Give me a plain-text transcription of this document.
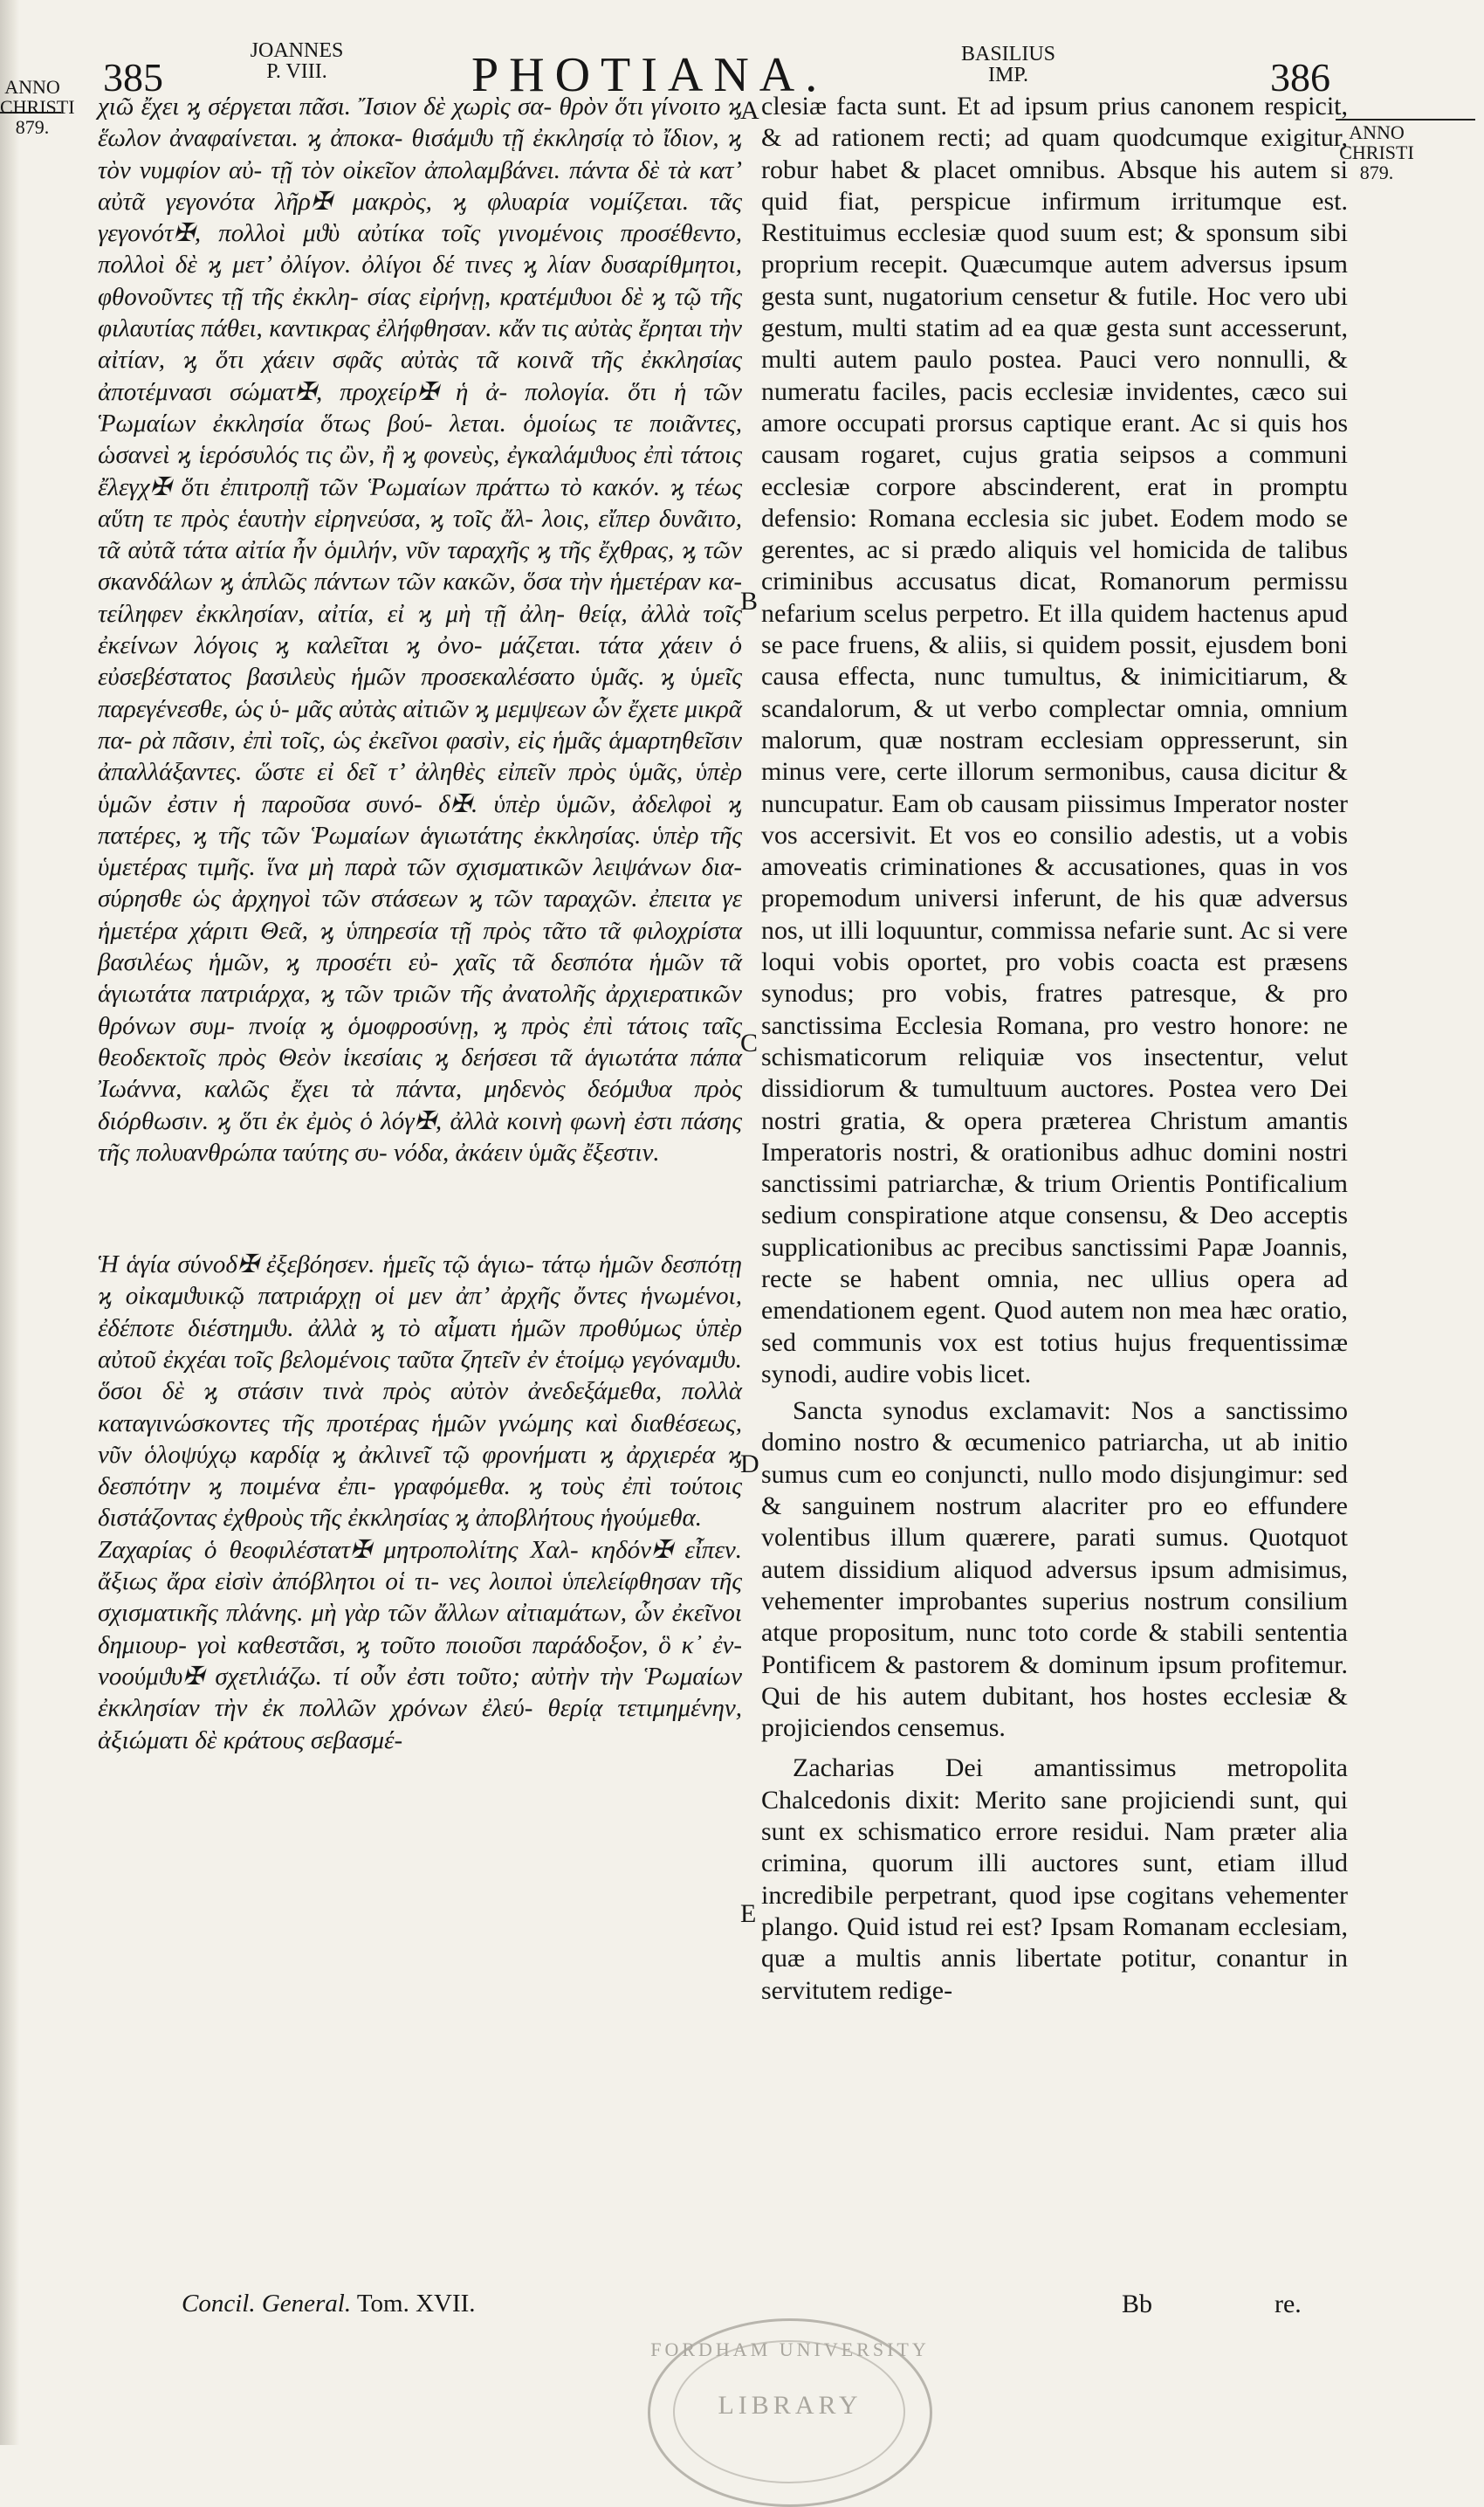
385
JOANNES
P. VIII.	PHOTIANA.	BASILIUS
IMP.	386
ANNO
CHRISTI
879.	ANNO
CHRISTI
879.

χιῶ ἔχει ϗ σέργεται πᾶσι. Ἴσιον δὲ χωρὶς σα- θρὸν ὅτι γίνοιτο ϗ ἕωλον ἀναφαίνεται. ϗ ἀποκα- θισάμϑυ τῇ ἐκκλησίᾳ τὸ ἴδιον, ϗ τὸν νυμφίον αὐ- τῇ τὸν οἰκεῖον ἀπολαμβάνει. πάντα δὲ τὰ κατ’ αὐτᾶ γεγονότα λῆρ✠ μακρὸς, ϗ φλυαρία νομίζεται. τᾶς γεγονότ✠, πολλοὶ μϑὺ αὐτίκα τοῖς γινομένοις προσέθεντο, πολλοὶ δὲ ϗ μετ’ ὀλίγον. ὀλίγοι δέ τινες ϗ λίαν δυσαρίθμητοι, φθονοῦντες τῇ τῆς ἐκκλη- σίας εἰρήνῃ, κρατέμϑυοι δὲ ϗ τῷ τῆς φιλαυτίας πάθει, καντικρας ἐλήφθησαν. κἄν τις αὐτὰς ἔρηται τὴν αἰτίαν, ϗ ὅτι χάειν σφᾶς αὐτὰς τᾶ κοινᾶ τῆς ἐκκλησίας ἀποτέμνασι σώματ✠, προχείρ✠ ἡ ἀ- πολογία. ὅτι ἡ τῶν Ῥωμαίων ἐκκλησία ὅτως βού- λεται. ὁμοίως τε ποιᾶντες, ὡσανεὶ ϗ ἱερόσυλός τις ὢν, ἢ ϗ φονεὺς, ἐγκαλάμϑυος ἐπὶ τάτοις ἔλεγχ✠ ὅτι ἐπιτροπῇ τῶν Ῥωμαίων πράττω τὸ κακόν. ϗ τέως αὕτη τε πρὸς ἑαυτὴν εἰρηνεύσα, ϗ τοῖς ἄλ- λοις, εἴπερ δυνᾶιτο, τᾶ αὐτᾶ τάτα αἰτία ἦν ὁμιλήν, νῦν ταραχῆς ϗ τῆς ἔχθρας, ϗ τῶν σκανδάλων ϗ ἁπλῶς πάντων τῶν κακῶν, ὅσα τὴν ἡμετέραν κα- τείληφεν ἐκκλησίαν, αἰτία, εἰ ϗ μὴ τῇ ἀλη- θείᾳ, ἀλλὰ τοῖς ἐκείνων λόγοις ϗ καλεῖται ϗ ὀνο- μάζεται. τάτα χάειν ὁ εὐσεβέστατος βασιλεὺς ἡμῶν προσεκαλέσατο ὑμᾶς. ϗ ὑμεῖς παρεγένεσθε, ὡς ὑ- μᾶς αὐτὰς αἰτιῶν ϗ μεμψεων ὧν ἔχετε μικρᾶ πα- ρὰ πᾶσιν, ἐπὶ τοῖς, ὡς ἐκεῖνοι φασὶν, εἰς ἡμᾶς ἁμαρτηθεῖσιν ἀπαλλάξαντες. ὥστε εἰ δεῖ τ’ ἀληθὲς εἰπεῖν πρὸς ὑμᾶς, ὑπὲρ ὑμῶν ἐστιν ἡ παροῦσα συνό- δ✠. ὑπὲρ ὑμῶν, ἀδελφοὶ ϗ πατέρες, ϗ τῆς τῶν Ῥωμαίων ἁγιωτάτης ἐκκλησίας. ὑπὲρ τῆς ὑμετέρας τιμῆς. ἵνα μὴ παρὰ τῶν σχισματικῶν λειψάνων δια- σύρησθε ὡς ἀρχηγοὶ τῶν στάσεων ϗ τῶν ταραχῶν. ἐπειτα γε ἡμετέρα χάριτι Θεᾶ, ϗ ὑπηρεσία τῇ πρὸς τᾶτο τᾶ φιλοχρίστα βασιλέως ἡμῶν, ϗ προσέτι εὐ- χαῖς τᾶ δεσπότα ἡμῶν τᾶ ἁγιωτάτα πατριάρχα, ϗ τῶν τριῶν τῆς ἀνατολῆς ἀρχιερατικῶν θρόνων συμ- πνοίᾳ ϗ ὁμοφροσύνῃ, ϗ πρὸς ἐπὶ τάτοις ταῖς θεοδεκτοῖς πρὸς Θεὸν ἱκεσίαις ϗ δεήσεσι τᾶ ἁγιωτάτα πάπα Ἰωάννα, καλῶς ἔχει τὰ πάντα, μηδενὸς δεόμϑυα πρὸς διόρθωσιν. ϗ ὅτι ἐκ ἐμὸς ὁ λόγ✠, ἀλλὰ κοινὴ φωνὴ ἐστι πάσης τῆς πολυανθρώπα ταύτης συ- νόδα, ἀκάειν ὑμᾶς ἔξεστιν.

Ἡ ἁγία σύνοδ✠ ἐξεβόησεν. ἡμεῖς τῷ ἁγιω- τάτῳ ἡμῶν δεσπότῃ ϗ οἰκαμϑυικῷ πατριάρχῃ οἱ μεν ἀπ’ ἀρχῆς ὄντες ἡνωμένοι, ἐδέποτε διέστημϑυ. ἀλλὰ ϗ τὸ αἷματι ἡμῶν προθύμως ὑπὲρ αὐτοῦ ἐκχέαι τοῖς βελομένοις ταῦτα ζητεῖν ἐν ἑτοίμῳ γεγόναμϑυ. ὅσοι δὲ ϗ στάσιν τινὰ πρὸς αὐτὸν ἀνεδεξάμεθα, πολλὰ καταγινώσκοντες τῆς προτέρας ἡμῶν γνώμης καὶ διαθέσεως, νῦν ὁλοψύχῳ καρδίᾳ ϗ ἀκλινεῖ τῷ φρονήματι ϗ ἀρχιερέα ϗ δεσπότην ϗ ποιμένα ἐπι- γραφόμεθα. ϗ τοὺς ἐπὶ τούτοις διστάζοντας ἐχθροὺς τῆς ἐκκλησίας ϗ ἀποβλήτους ἡγούμεθα.

Ζαχαρίας ὁ θεοφιλέστατ✠ μητροπολίτης Χαλ- κηδόν✠ εἶπεν. ἄξιως ἄρα εἰσὶν ἀπόβλητοι οἱ τι- νες λοιποὶ ὑπελείφθησαν τῆς σχισματικῆς πλάνης. μὴ γὰρ τῶν ἄλλων αἰτιαμάτων, ὧν ἐκεῖνοι δημιουρ- γοὶ καθεστᾶσι, ϗ τοῦτο ποιοῦσι παράδοξον, ὃ κ᾽ ἐν- νοούμϑυ✠ σχετλιάζω. τί οὖν ἐστι τοῦτο; αὐτὴν τὴν Ῥωμαίων ἐκκλησίαν τὴν ἐκ πολλῶν χρόνων ἐλεύ- θερίᾳ τετιμημένην, ἀξιώματι δὲ κράτους σεβασμέ-

A
B
C
D
E

clesiæ facta sunt. Et ad ipsum prius canonem respicit, & ad rationem recti; ad quam quodcumque exigitur, robur habet & placet omnibus. Absque his autem si quid fiat, perspicue infirmum irritumque est. Restituimus ecclesiæ quod suum est; & sponsum sibi proprium recepit. Quæcumque autem adversus ipsum gesta sunt, nugatorium censetur & futile. Hoc vero ubi gestum, multi statim ad ea quæ gesta sunt accesserunt, multi autem paulo postea. Pauci vero nonnulli, & numeratu faciles, pacis ecclesiæ invidentes, cæco sui amore occupati prorsus captique erant. Ac si quis hos causam rogaret, cujus gratia seipsos a communi ecclesiæ corpore abscinderent, erat in promptu defensio: Romana ecclesia sic jubet. Eodem modo se gerentes, ac si prædo aliquis vel homicida de talibus criminibus accusatus dicat, Romanorum permissu nefarium scelus perpetro. Et illa quidem hactenus apud se pace fruens, & aliis, si quidem possit, ejusdem boni causa effecta, nunc tumultus, & inimicitiarum, & scandalorum, & ut verbo complectar omnia, omnium malorum, quæ nostram ecclesiam oppresserunt, sin minus vere, certe illorum sermonibus, causa dicitur & nuncupatur. Eam ob causam piissimus Imperator noster vos accersivit. Et vos eo consilio adestis, ut a vobis amoveatis criminationes & accusationes, quas in vos propemodum universi inferunt, de his quæ adversus nos, ut illi loquuntur, commissa nefarie sunt. Ac si vere loqui vobis oportet, pro vobis coacta est præsens synodus; pro vobis, fratres patresque, & pro sanctissima Ecclesia Romana, pro vestro honore: ne schismaticorum reliquiæ vos insectentur, velut dissidiorum & tumultuum auctores. Postea vero Dei nostri gratia, & opera præterea Christum amantis Imperatoris nostri, & orationibus adhuc domini nostri sanctissimi patriarchæ, & trium Orientis Pontificalium sedium conspiratione atque consensu, & Deo acceptis supplicationibus ac precibus sanctissimi Papæ Joannis, recte se habent omnia, nec ullius opera ad emendationem egent. Quod autem non mea hæc oratio, sed communis vox est totius hujus frequentissimæ synodi, audire vobis licet.

Sancta synodus exclamavit: Nos a sanctissimo domino nostro & œcumenico patriarcha, ut ab initio sumus cum eo conjuncti, nullo modo disjungimur: sed & sanguinem nostrum alacriter pro eo effundere volentibus illum quærere, parati sumus. Quotquot autem dissidium aliquod adversus ipsum admisimus, vehementer improbantes superius nostrum consilium atque propositum, nunc toto corde & stabili sententia Pontificem & pastorem & dominum ipsum profitemur. Qui de his autem dubitant, hos hostes ecclesiæ & projiciendos censemus.

Zacharias Dei amantissimus metropolita Chalcedonis dixit: Merito sane projiciendi sunt, qui sunt ex schismatico errore residui. Nam præter alia crimina, quorum illi auctores sunt, etiam illud incredibile perpetrant, quod ipse cogitans vehementer plango. Quid istud rei est? Ipsam Romanam ecclesiam, quæ a multis annis libertate potitur, conantur in servitutem redige-

Concil. General. Tom. XVII.	Bb	re.
FORDHAM UNIVERSITY
LIBRARY
